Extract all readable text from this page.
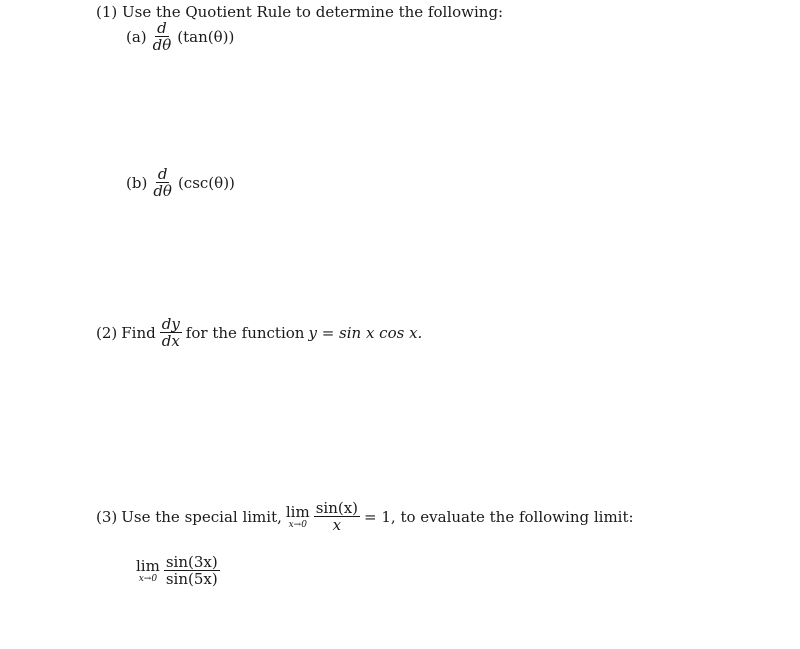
(1) Use the Quotient Rule to determine the following:
$(a) \frac{d}{d\theta} (\tan(\theta))$
$(b) \frac{d}{d\theta} (\csc(\theta))$
(2) Find $\frac{dy}{dx}$ for the function y = sin x cos x.
(3) Use the special limit, lim
$x\to 0 \frac{\sin(x)}{x} = 1$, to evaluate the following limit:
lim
$x\to 0 \frac{\sin(3x)}{\sin(5x)}$
